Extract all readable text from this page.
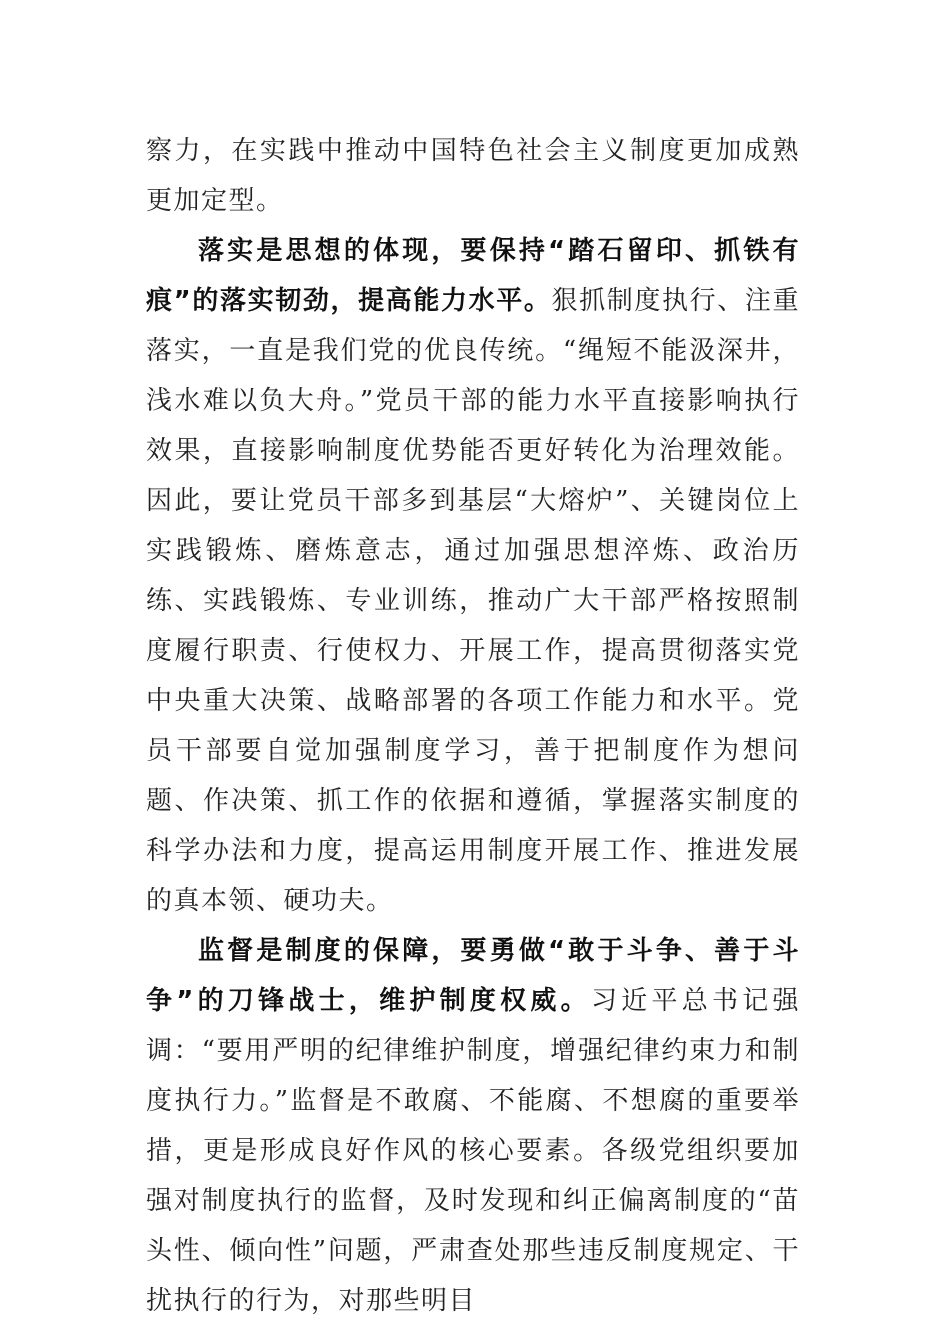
察力，在实践中推动中国特色社会主义制度更加成熟更加定型。

落实是思想的体现，要保持“踏石留印、抓铁有痕”的落实韧劲，提高能力水平。狠抓制度执行、注重落实，一直是我们党的优良传统。“绳短不能汲深井，浅水难以负大舟。”党员干部的能力水平直接影响执行效果，直接影响制度优势能否更好转化为治理效能。因此，要让党员干部多到基层“大熔炉”、关键岗位上实践锻炼、磨炼意志，通过加强思想淬炼、政治历练、实践锻炼、专业训练，推动广大干部严格按照制度履行职责、行使权力、开展工作，提高贯彻落实党中央重大决策、战略部署的各项工作能力和水平。党员干部要自觉加强制度学习，善于把制度作为想问题、作决策、抓工作的依据和遵循，掌握落实制度的科学办法和力度，提高运用制度开展工作、推进发展的真本领、硬功夫。

监督是制度的保障，要勇做“敢于斗争、善于斗争”的刀锋战士，维护制度权威。习近平总书记强调：“要用严明的纪律维护制度，增强纪律约束力和制度执行力。”监督是不敢腐、不能腐、不想腐的重要举措，更是形成良好作风的核心要素。各级党组织要加强对制度执行的监督，及时发现和纠正偏离制度的“苗头性、倾向性”问题，严肃查处那些违反制度规定、干扰执行的行为，对那些明目
